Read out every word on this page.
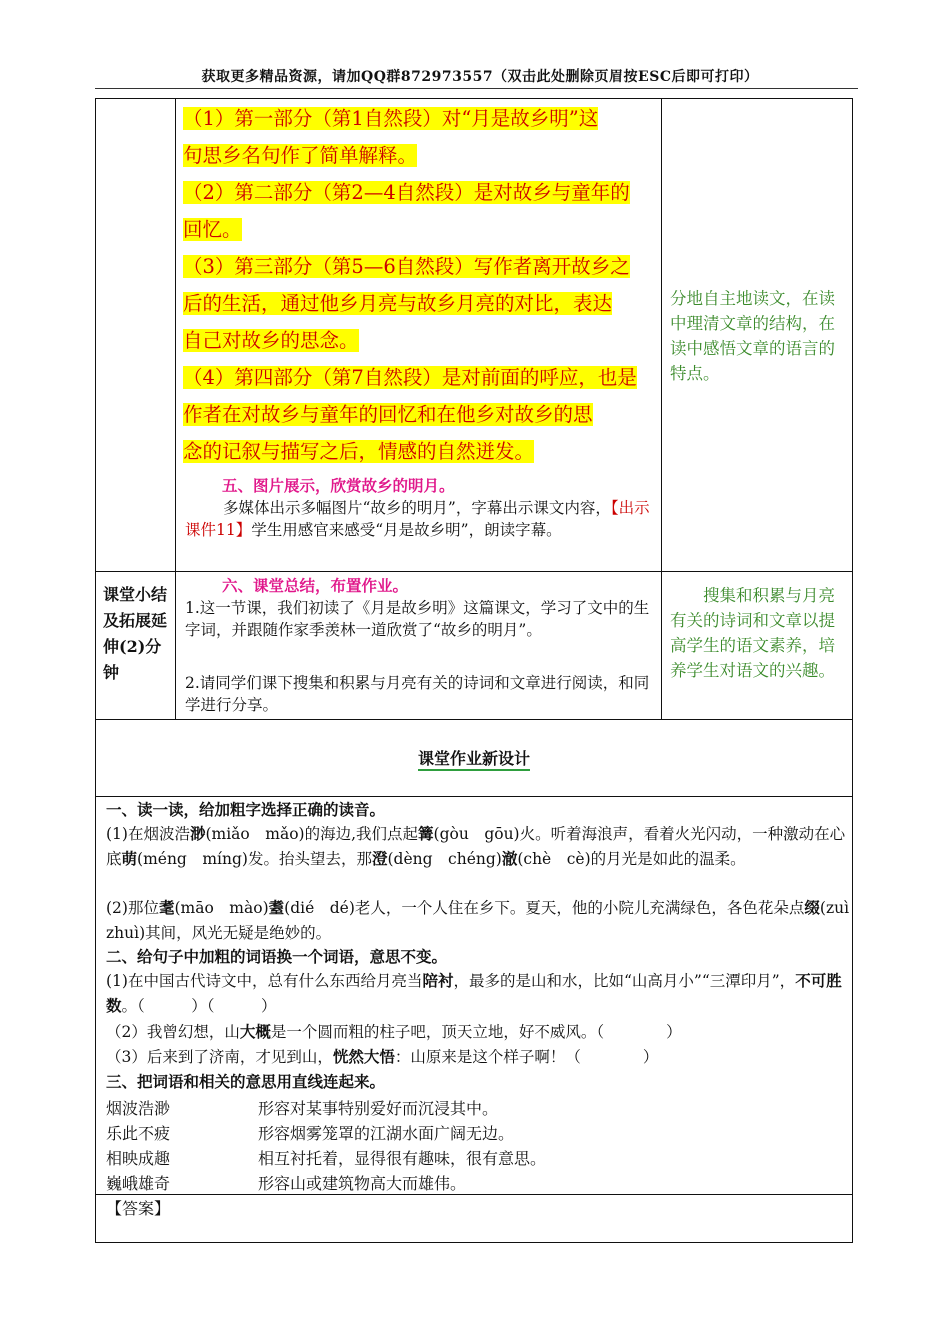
获取更多精品资源，请加QQ群872973557（双击此处删除页眉按ESC后即可打印）
（1）第一部分（第1自然段）对“月是故乡明”这
句思乡名句作了简单解释。
（2）第二部分（第2—4自然段）是对故乡与童年的
回忆。
（3）第三部分（第5—6自然段）写作者离开故乡之
后的生活，通过他乡月亮与故乡月亮的对比，表达
自己对故乡的思念。
（4）第四部分（第7自然段）是对前面的呼应，也是
作者在对故乡与童年的回忆和在他乡对故乡的思
念的记叙与描写之后，情感的自然迸发。
分地自主地读文，在读中理清文章的结构，在读中感悟文章的语言的特点。
五、图片展示，欣赏故乡的明月。
多媒体出示多幅图片“故乡的明月”，字幕出示课文内容，【出示课件11】学生用感官来感受“月是故乡明”，朗读字幕。
课堂小结及拓展延伸(2)分钟
六、课堂总结，布置作业。
1.这一节课，我们初读了《月是故乡明》这篇课文，学习了文中的生字词，并跟随作家季羡林一道欣赏了“故乡的明月”。
2.请同学们课下搜集和积累与月亮有关的诗词和文章进行阅读，和同学进行分享。
搜集和积累与月亮有关的诗词和文章以提高学生的语文素养，培养学生对语文的兴趣。
课堂作业新设计
一、读一读，给加粗字选择正确的读音。
(1)在烟波浩渺(miǎo　mǎo)的海边,我们点起篝(gòu　gōu)火。听着海浪声，看着火光闪动，一种激动在心底萌(méng　míng)发。抬头望去，那澄(dèng　chéng)澈(chè　cè)的月光是如此的温柔。
(2)那位耄(māo　mào)耋(dié　dé)老人，一个人住在乡下。夏天，他的小院儿充满绿色，各色花朵点缀(zuì　zhuì)其间，风光无疑是绝妙的。
二、给句子中加粗的词语换一个词语，意思不变。
(1)在中国古代诗文中，总有什么东西给月亮当陪衬，最多的是山和水，比如“山高月小”“三潭印月”，不可胜数。（　　　）（　　　）
（2）我曾幻想，山大概是一个圆而粗的柱子吧，顶天立地，好不威风。（　　　　）
（3）后来到了济南，才见到山，恍然大悟：山原来是这个样子啊！（　　　　）
三、把词语和相关的意思用直线连起来。
烟波浩渺
乐此不疲
相映成趣
巍峨雄奇
形容对某事特别爱好而沉浸其中。
形容烟雾笼罩的江湖水面广阔无边。
相互衬托着，显得很有趣味，很有意思。
形容山或建筑物高大而雄伟。
【答案】
